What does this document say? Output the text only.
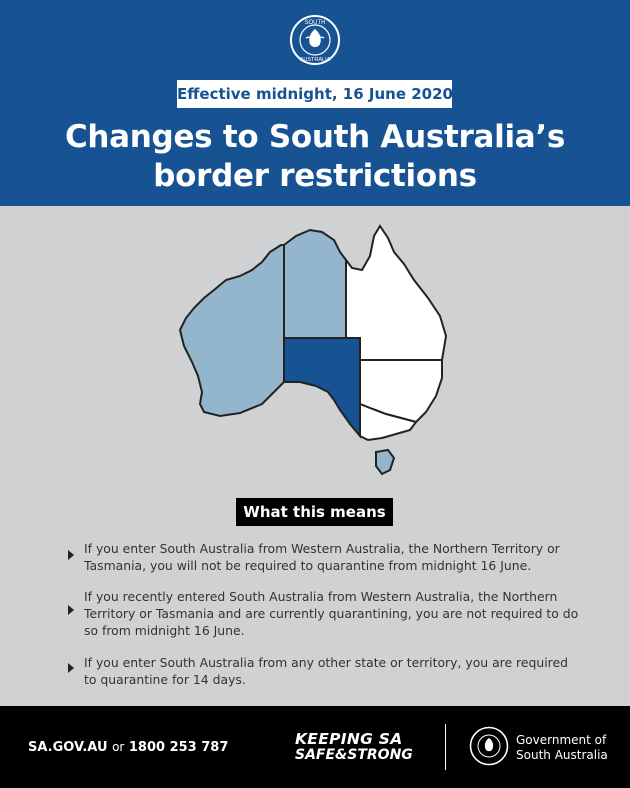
SOUTH
AUSTRALIA
Effective midnight, 16 June 2020
Changes to South Australia’s
border restrictions
What this means
If you enter South Australia from Western Australia, the Northern Territory or Tasmania, you will not be required to quarantine from midnight 16 June.
If you recently entered South Australia from Western Australia, the Northern Territory or Tasmania and are currently quarantining, you are not required to do so from midnight 16 June.
If you enter South Australia from any other state or territory, you are required to quarantine for 14 days.
SA.GOV.AU or 1800 253 787	KEEPING SA
SAFE&STRONG
Government of
South Australia
